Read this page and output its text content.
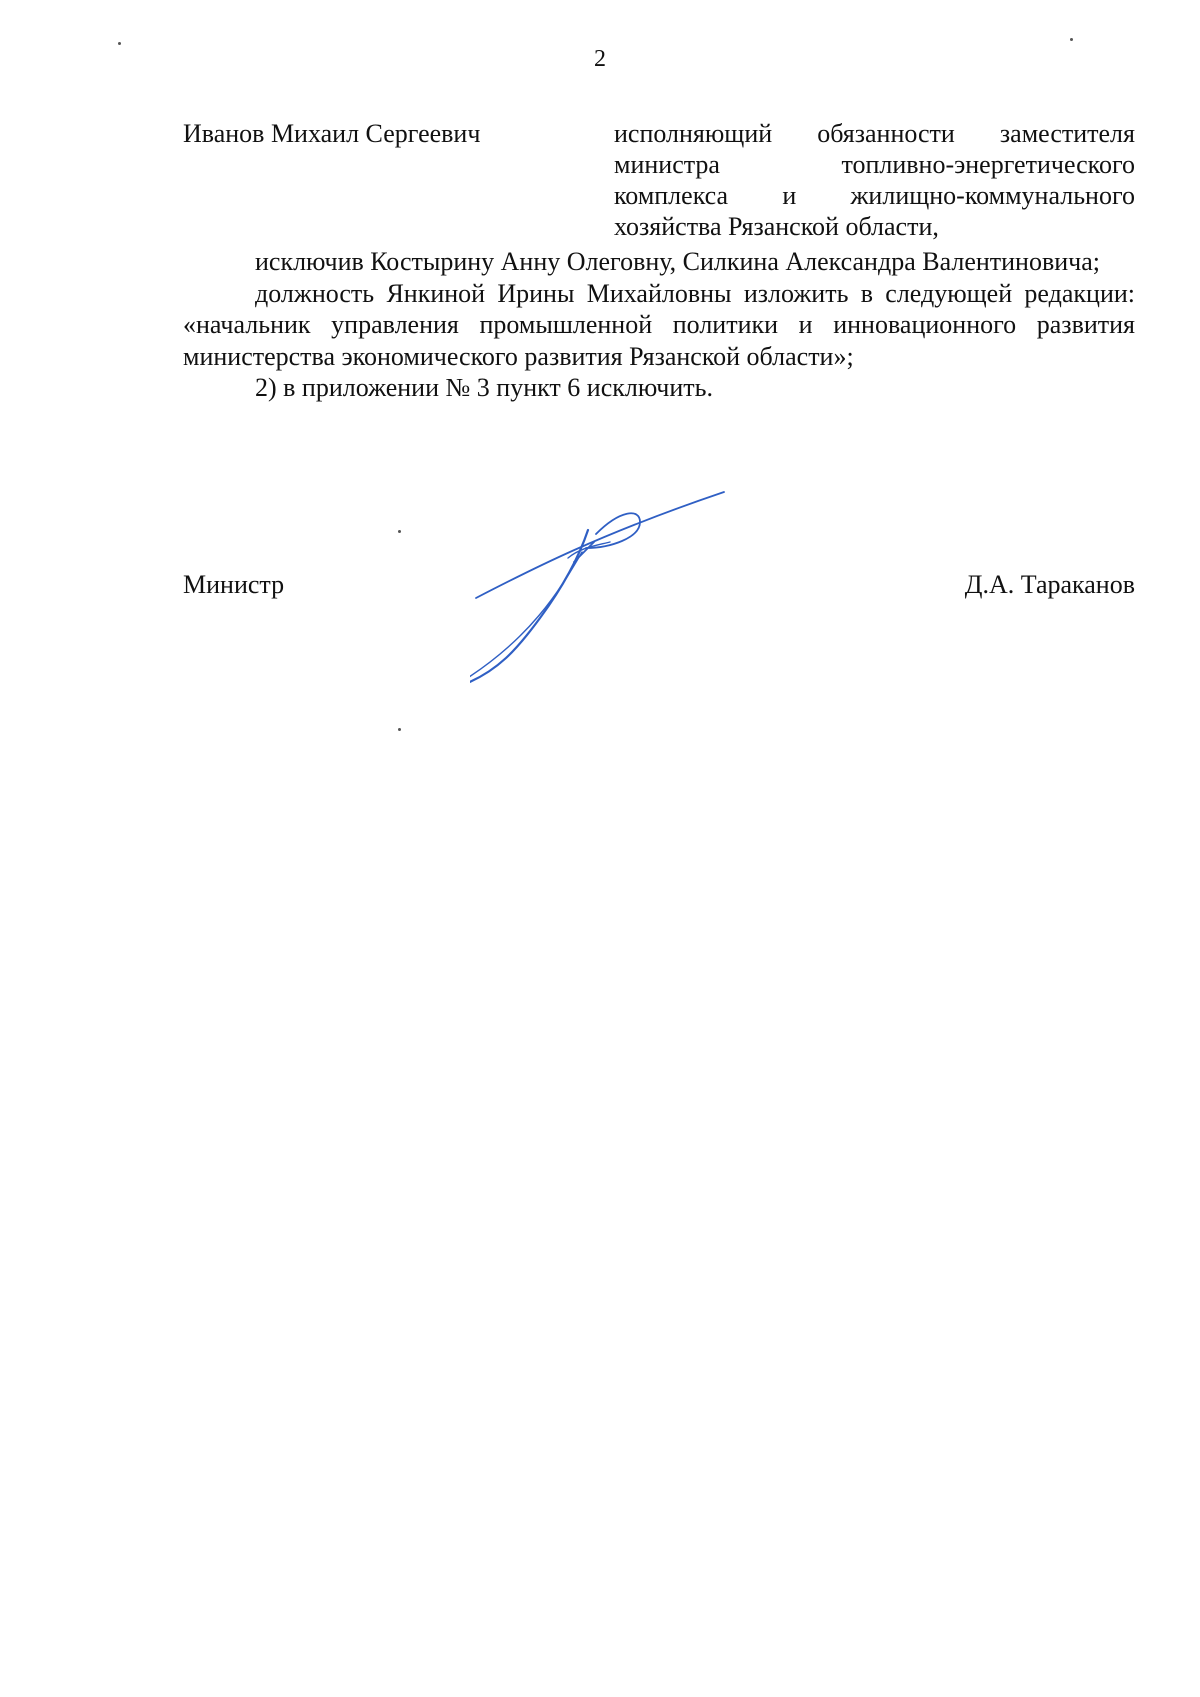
2
Иванов Михаил Сергеевич	исполняющий обязанности заместителя министра топливно-энергетического комплекса и жилищно-коммунального хозяйства Рязанской области,

исключив Костырину Анну Олеговну, Силкина Александра Валентиновича;

должность Янкиной Ирины Михайловны изложить в следующей редакции: «начальник управления промышленной политики и инновационного развития министерства экономического развития Рязанской области»;

2) в приложении № 3 пункт 6 исключить.

Министр	Д.А. Тараканов
